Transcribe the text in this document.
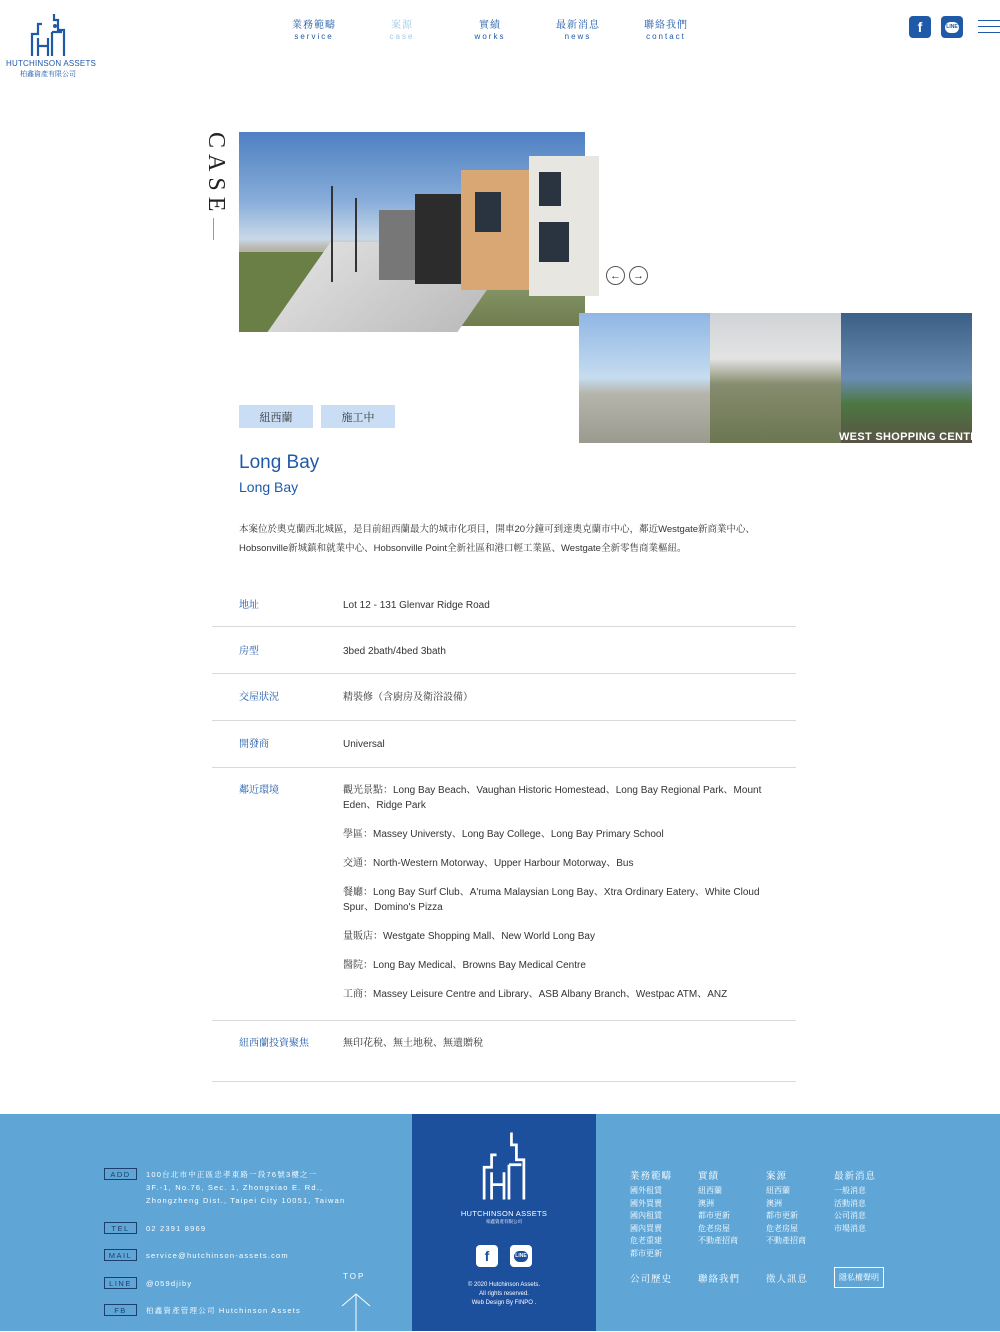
HUTCHINSON ASSETS
柏鑫資產有限公司
業務範疇
service
案源
case
實績
works
最新消息
news
聯絡我們
contact
f	LINE
CASE
←	→
WEST SHOPPING CENTRE
紐西蘭	施工中
Long Bay
Long Bay
本案位於奧克蘭西北城區，是目前紐西蘭最大的城市化項目，開車20分鐘可到達奧克蘭市中心，鄰近Westgate新商業中心、Hobsonville新城鎮和就業中心、Hobsonville Point全新社區和港口輕工業區、Westgate全新零售商業樞紐。
地址	Lot 12 - 131 Glenvar Ridge Road
房型	3bed 2bath/4bed 3bath
交屋狀況	精裝修（含廚房及衛浴設備）
開發商	Universal
鄰近環境	觀光景點：Long Bay Beach、Vaughan Historic Homestead、Long Bay Regional Park、Mount Eden、Ridge Park

學區：Massey Universty、Long Bay College、Long Bay Primary School

交通：North-Western Motorway、Upper Harbour Motorway、Bus

餐廳：Long Bay Surf Club、A'ruma Malaysian Long Bay、Xtra Ordinary Eatery、White Cloud Spur、Domino's Pizza

量販店：Westgate Shopping Mall、New World Long Bay

醫院：Long Bay Medical、Browns Bay Medical Centre

工商：Massey Leisure Centre and Library、ASB Albany Branch、Westpac ATM、ANZ

紐西蘭投資聚焦	無印花稅、無土地稅、無遺贈稅
ADD	100台北市中正區忠孝東路一段76號3樓之一
3F.-1, No.76, Sec. 1, Zhongxiao E. Rd.,
Zhongzheng Dist., Taipei City 10051, Taiwan
TEL	02 2391 8969
MAIL	service@hutchinson-assets.com
LINE	@059djiby
FB	柏鑫資產管理公司 Hutchinson Assets
TOP
HUTCHINSON ASSETS
柏鑫資產有限公司
f	LINE
© 2020 Hutchinson Assets.
All rights reserved.
Web Design By FINPO .
業務範疇
國外租賃
國外買賣
國內租賃
國內買賣
危老重建
都市更新
實績
紐西蘭
澳洲
都市更新
危老房屋
不動產招商
案源
紐西蘭
澳洲
都市更新
危老房屋
不動產招商
最新消息
一般消息
活動消息
公司消息
市場消息
公司歷史	聯絡我們	徵人訊息	隱私權聲明
